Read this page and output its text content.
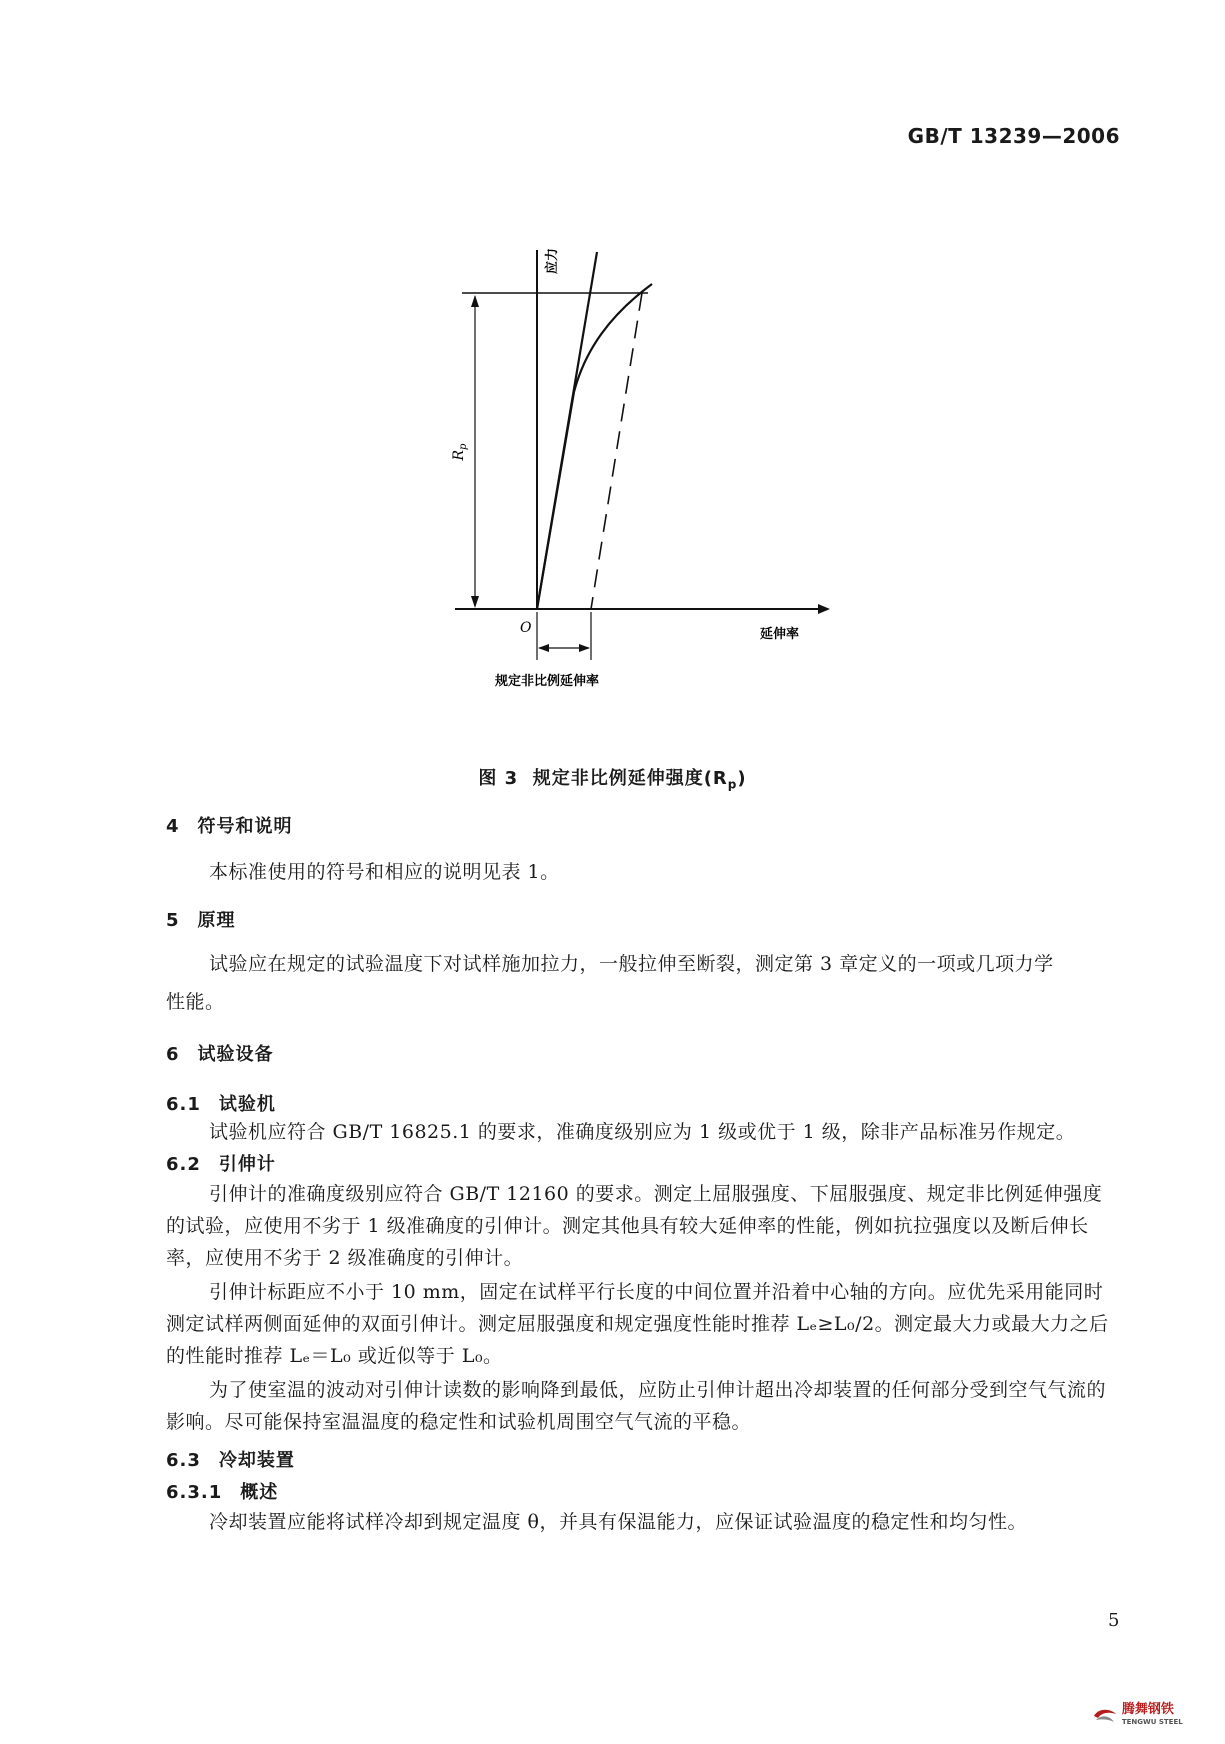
GB/T 13239—2006
应力
延伸率
O
$R_p$
规定非比例延伸率
图 3 规定非比例延伸强度$(R_p)$
4 符号和说明
本标准使用的符号和相应的说明见表 1。
5 原理
试验应在规定的试验温度下对试样施加拉力，一般拉伸至断裂，测定第 3 章定义的一项或几项力学
性能。
6 试验设备
6.1 试验机
试验机应符合 GB/T 16825.1 的要求，准确度级别应为 1 级或优于 1 级，除非产品标准另作规定。
6.2 引伸计
引伸计的准确度级别应符合 GB/T 12160 的要求。测定上屈服强度、下屈服强度、规定非比例延伸强度的试验，应使用不劣于 1 级准确度的引伸计。测定其他具有较大延伸率的性能，例如抗拉强度以及断后伸长率，应使用不劣于 2 级准确度的引伸计。
引伸计标距应不小于 10 mm，固定在试样平行长度的中间位置并沿着中心轴的方向。应优先采用能同时测定试样两侧面延伸的双面引伸计。测定屈服强度和规定强度性能时推荐 Lₑ≥L₀/2。测定最大力或最大力之后的性能时推荐 Lₑ＝L₀ 或近似等于 L₀。
为了使室温的波动对引伸计读数的影响降到最低，应防止引伸计超出冷却装置的任何部分受到空气气流的影响。尽可能保持室温温度的稳定性和试验机周围空气气流的平稳。
6.3 冷却装置
6.3.1 概述
冷却装置应能将试样冷却到规定温度 θ，并具有保温能力，应保证试验温度的稳定性和均匀性。
5
腾舞钢铁
TENGWU STEEL
